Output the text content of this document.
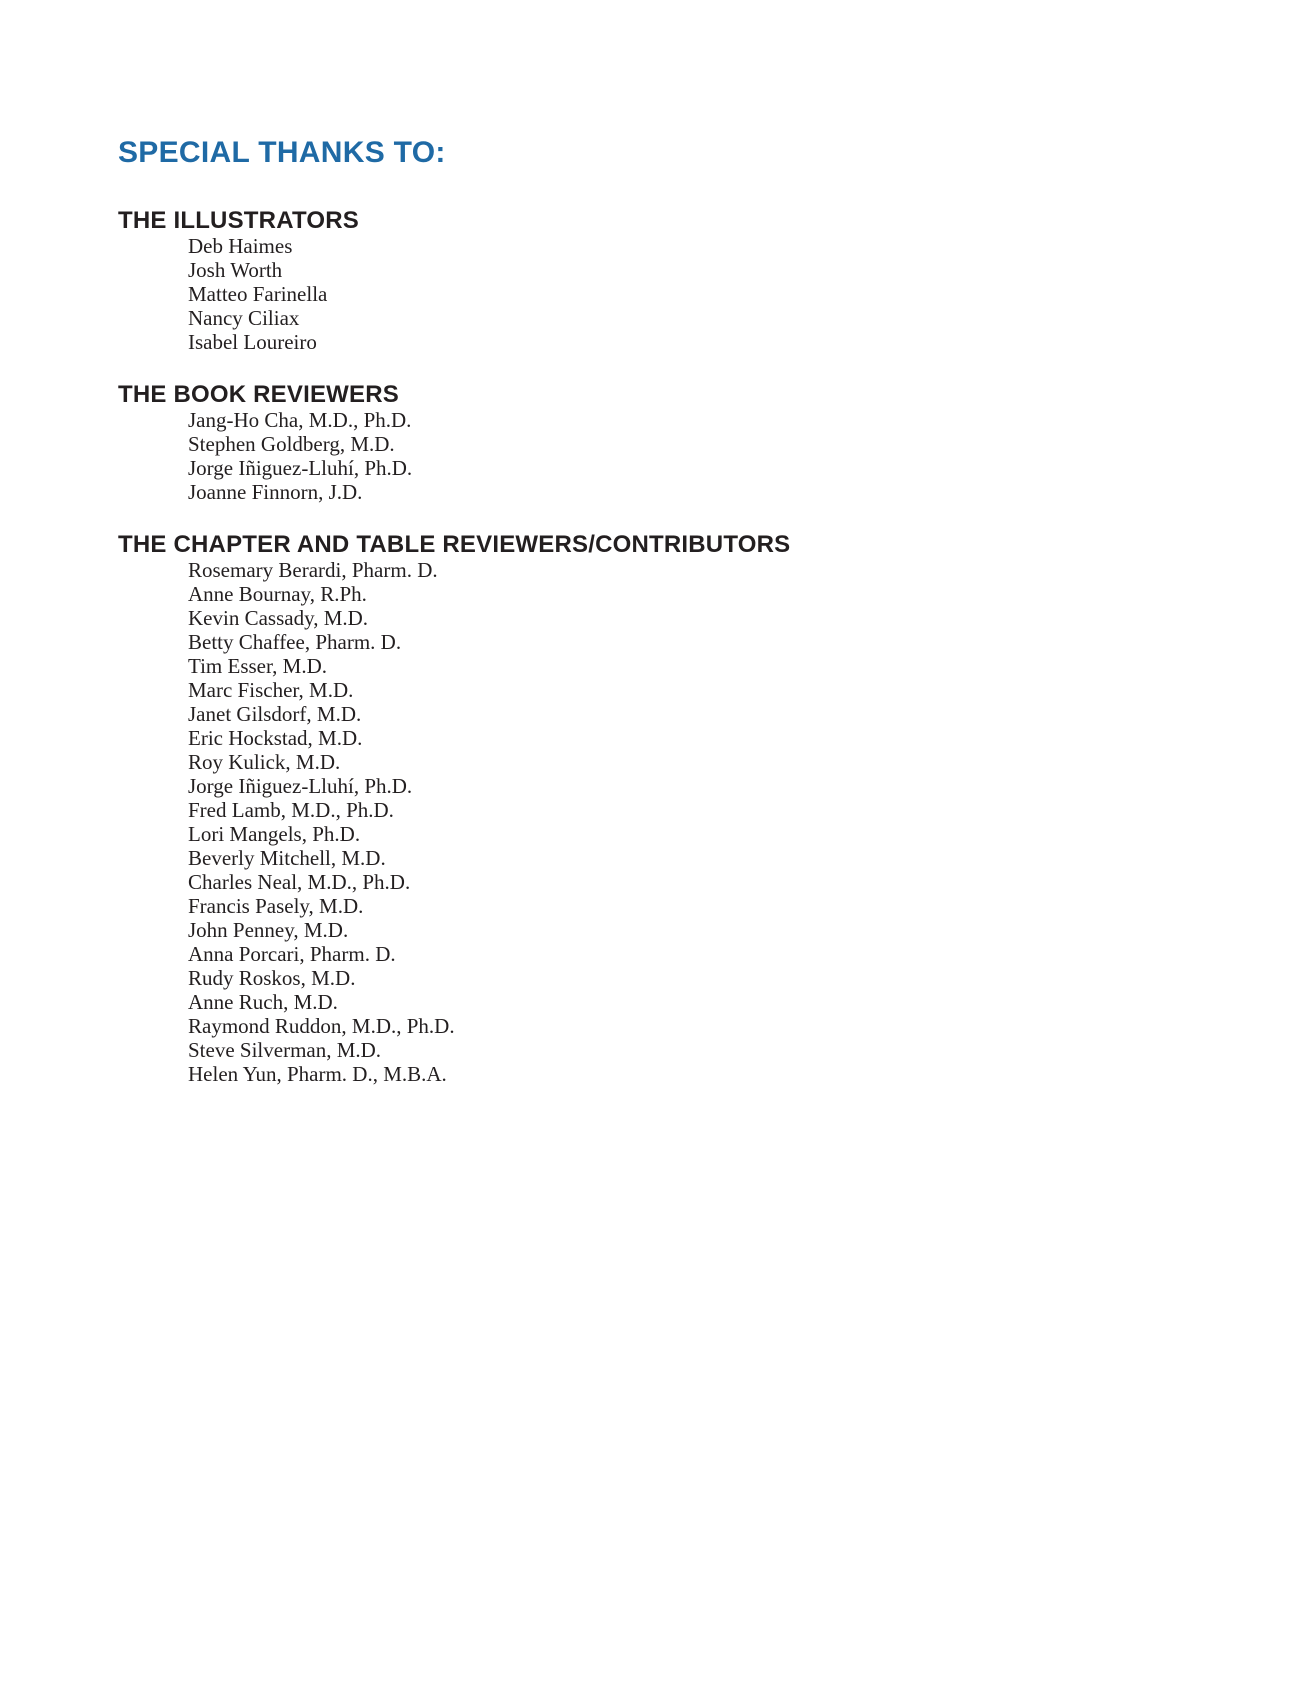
SPECIAL THANKS TO:
THE ILLUSTRATORS
Deb Haimes
Josh Worth
Matteo Farinella
Nancy Ciliax
Isabel Loureiro
THE BOOK REVIEWERS
Jang-Ho Cha, M.D., Ph.D.
Stephen Goldberg, M.D.
Jorge Iñiguez-Lluhí, Ph.D.
Joanne Finnorn, J.D.
THE CHAPTER AND TABLE REVIEWERS/CONTRIBUTORS
Rosemary Berardi, Pharm. D.
Anne Bournay, R.Ph.
Kevin Cassady, M.D.
Betty Chaffee, Pharm. D.
Tim Esser, M.D.
Marc Fischer, M.D.
Janet Gilsdorf, M.D.
Eric Hockstad, M.D.
Roy Kulick, M.D.
Jorge Iñiguez-Lluhí, Ph.D.
Fred Lamb, M.D., Ph.D.
Lori Mangels, Ph.D.
Beverly Mitchell, M.D.
Charles Neal, M.D., Ph.D.
Francis Pasely, M.D.
John Penney, M.D.
Anna Porcari, Pharm. D.
Rudy Roskos, M.D.
Anne Ruch, M.D.
Raymond Ruddon, M.D., Ph.D.
Steve Silverman, M.D.
Helen Yun, Pharm. D., M.B.A.
